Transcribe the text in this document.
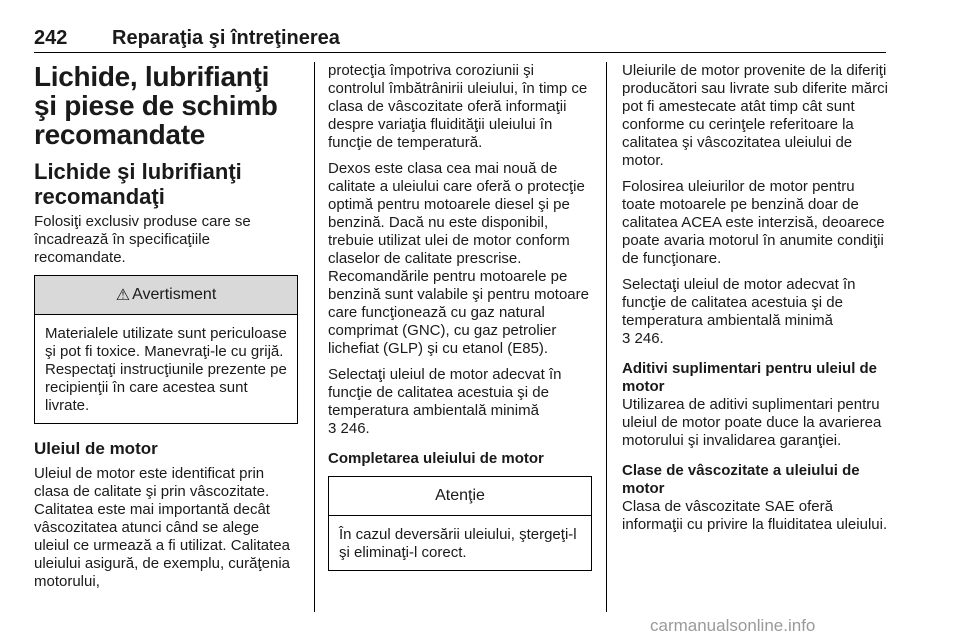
242 Reparaţia şi întreţinerea
Lichide, lubrifianţi şi piese de schimb recomandate
Lichide şi lubrifianţi recomandaţi

Folosiţi exclusiv produse care se încadrează în specificaţiile recomandate.

⚠ Avertisment

Materialele utilizate sunt periculoase şi pot fi toxice. Manevraţi-le cu grijă. Respectaţi instrucţiunile prezente pe recipienţii în care acestea sunt livrate.

Uleiul de motor

Uleiul de motor este identificat prin clasa de calitate şi prin vâscozitate. Calitatea este mai importantă decât vâscozitatea atunci când se alege uleiul ce urmează a fi utilizat. Calitatea uleiului asigură, de exemplu, curăţenia motorului,

protecţia împotriva coroziunii şi controlul îmbătrânirii uleiului, în timp ce clasa de vâscozitate oferă informaţii despre variaţia fluidităţii uleiului în funcţie de temperatură.

Dexos este clasa cea mai nouă de calitate a uleiului care oferă o protecţie optimă pentru motoarele diesel şi pe benzină. Dacă nu este disponibil, trebuie utilizat ulei de motor conform claselor de calitate prescrise. Recomandările pentru motoarele pe benzină sunt valabile şi pentru motoare care funcţionează cu gaz natural comprimat (GNC), cu gaz petrolier lichefiat (GLP) şi cu etanol (E85).

Selectaţi uleiul de motor adecvat în funcţie de calitatea acestuia şi de temperatura ambientală minimă
3 246.

Completarea uleiului de motor
Atenţie

În cazul deversării uleiului, ştergeţi-l şi eliminaţi-l corect.

Uleiurile de motor provenite de la diferiţi producători sau livrate sub diferite mărci pot fi amestecate atât timp cât sunt conforme cu cerinţele referitoare la calitatea şi vâscozitatea uleiului de motor.

Folosirea uleiurilor de motor pentru toate motoarele pe benzină doar de calitatea ACEA este interzisă, deoarece poate avaria motorul în anumite condiţii de funcţionare.

Selectaţi uleiul de motor adecvat în funcţie de calitatea acestuia şi de temperatura ambientală minimă
3 246.

Aditivi suplimentari pentru uleiul de motor

Utilizarea de aditivi suplimentari pentru uleiul de motor poate duce la avarierea motorului şi invalidarea garanţiei.

Clase de vâscozitate a uleiului de motor

Clasa de vâscozitate SAE oferă informaţii cu privire la fluiditatea uleiului.

carmanualsonline.info
